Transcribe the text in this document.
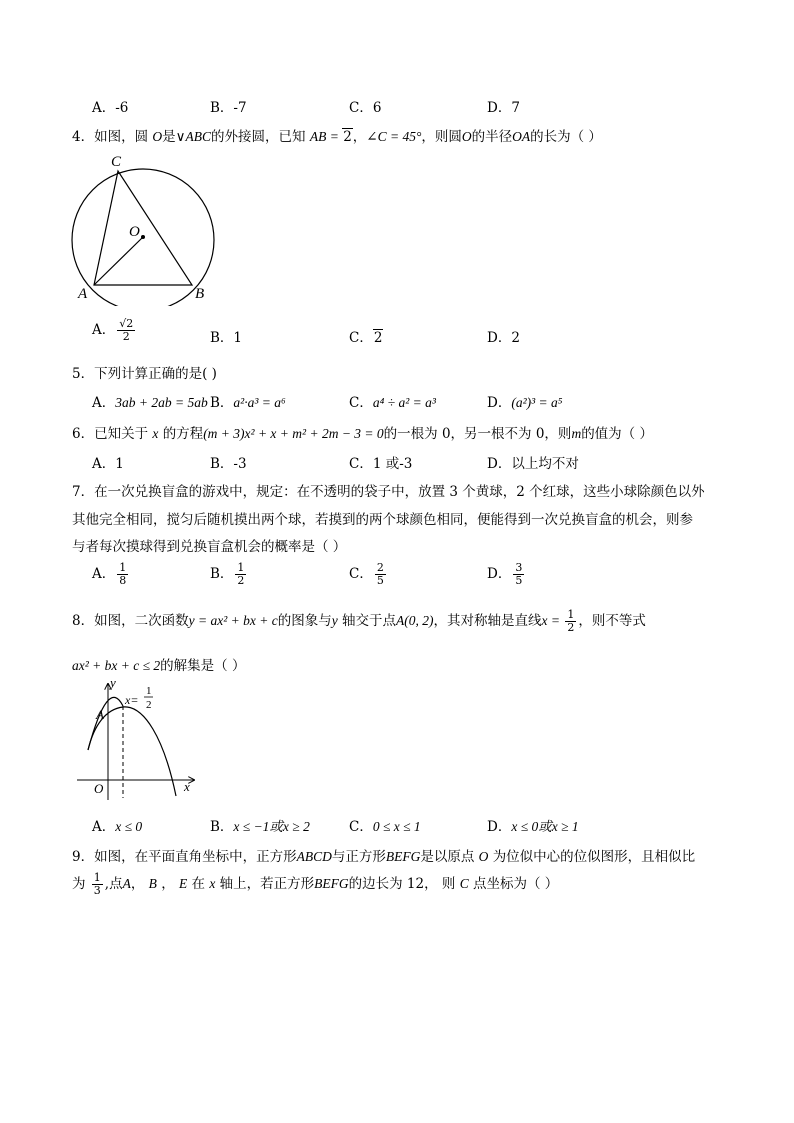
A．-6	B．-7	C．6	D．7
4．如图，圆 O是∨ABC的外接圆，已知 AB = 2，∠C = 45°，则圆O的半径OA的长为（ ）
C
O
A	B
A． $\frac{√2}{2}$	B．1	C．2	D．2
5．下列计算正确的是( )
A．3ab + 2ab = 5ab B．a²·a³ = a⁶	C．a⁴ ÷ a² = a³	D．(a²)³ = a⁵
6．已知关于 x 的方程(m + 3)x² + x + m² + 2m − 3 = 0的一根为 0，另一根不为 0，则m的值为（ ）
A．1	B．-3	C．1 或-3	D．以上均不对
7．在一次兑换盲盒的游戏中，规定：在不透明的袋子中，放置 3 个黄球，2 个红球，这些小球除颜色以外
其他完全相同，搅匀后随机摸出两个球，若摸到的两个球颜色相同，便能得到一次兑换盲盒的机会，则参
与者每次摸球得到兑换盲盒机会的概率是（ ）
A． $\frac{1}{8}$	B． $\frac{1}{2}$	C． $\frac{2}{5}$	D． $\frac{3}{5}$
8．如图，二次函数y = ax² + bx + c的图象与y 轴交于点A(0, 2)，其对称轴是直线$x = \frac{1}{2}$ ，则不等式
ax² + bx + c ≤ 2的解集是（ ）
y
x
O
A
x=
1
2
A．x ≤ 0	B．x ≤ −1或x ≥ 2	C．0 ≤ x ≤ 1	D．x ≤ 0或x ≥ 1
9．如图，在平面直角坐标中，正方形ABCD与正方形BEFG是以原点 O 为位似中心的位似图形，且相似比
为 $\frac{1}{3}$ ,点A， B ， E 在 x 轴上，若正方形BEFG的边长为 12， 则 C 点坐标为（ ）
